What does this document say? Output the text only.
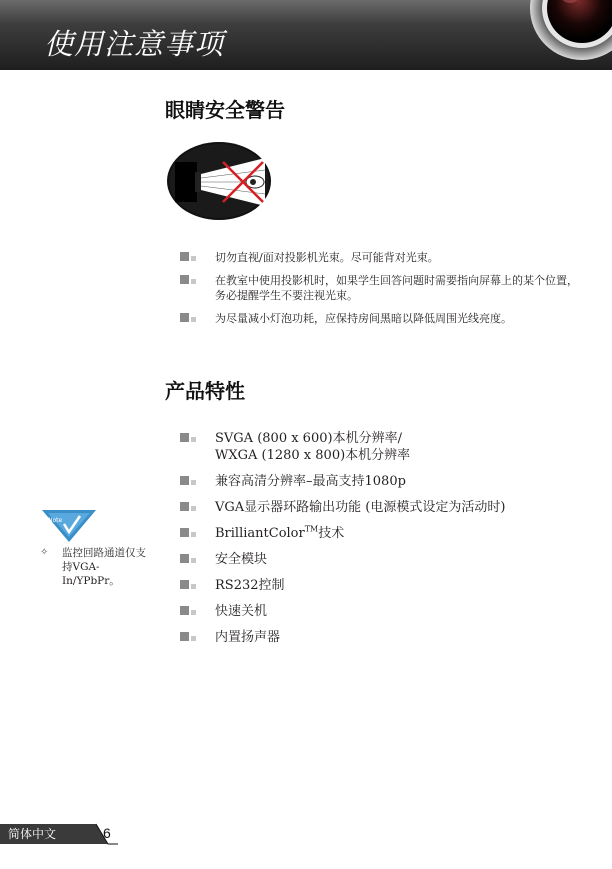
使用注意事项
眼睛安全警告
切勿直视/面对投影机光束。尽可能背对光束。
在教室中使用投影机时，如果学生回答问题时需要指向屏幕上的某个位置，务必提醒学生不要注视光束。
为尽量减小灯泡功耗，应保持房间黑暗以降低周围光线亮度。
产品特性
SVGA (800 x 600)本机分辨率/
WXGA (1280 x 800)本机分辨率
兼容高清分辨率–最高支持1080p
VGA显示器环路输出功能 (电源模式设定为活动时)
BrilliantColor™技术
安全模块
RS232控制
快速关机
内置扬声器
Note
✧ 监控回路通道仅支持VGA-In/YPbPr。
简体中文	6
